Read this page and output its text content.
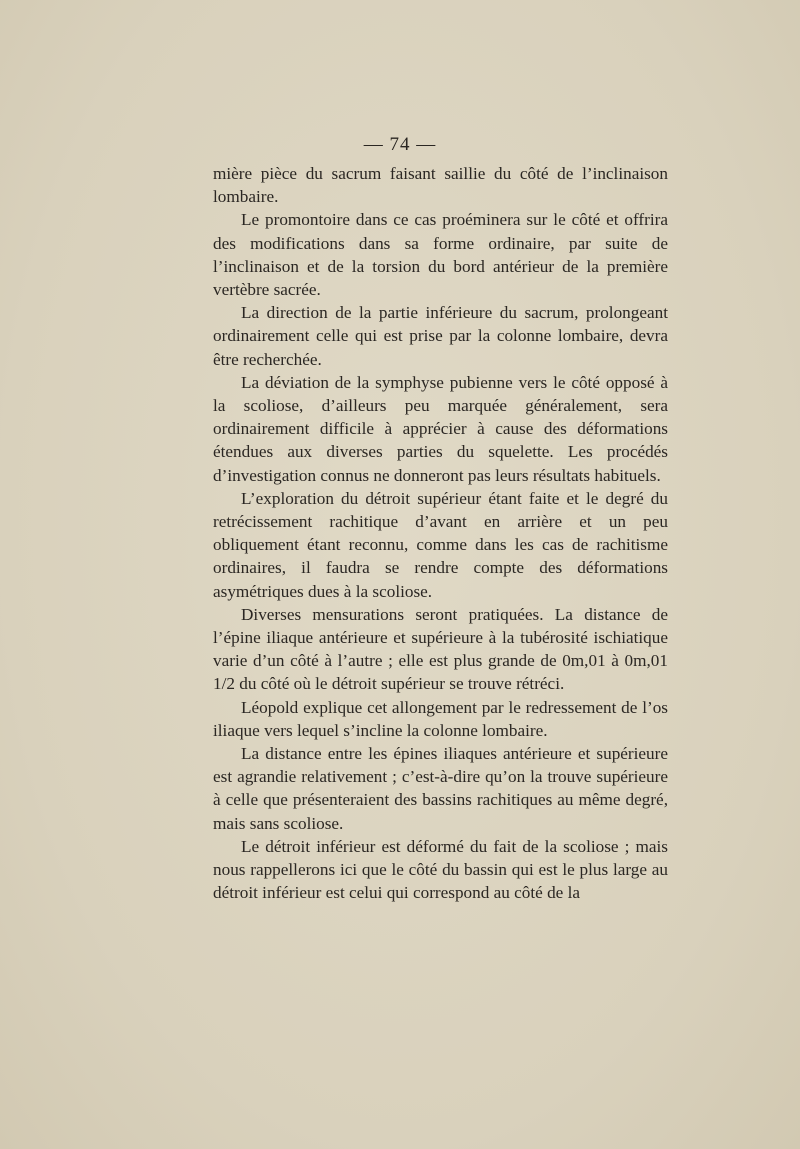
— 74 —

mière pièce du sacrum faisant saillie du côté de l’inclinaison lombaire.

Le promontoire dans ce cas proéminera sur le côté et offrira des modifications dans sa forme ordinaire, par suite de l’inclinaison et de la torsion du bord antérieur de la première vertèbre sacrée.

La direction de la partie inférieure du sacrum, prolongeant ordinairement celle qui est prise par la colonne lombaire, devra être recherchée.

La déviation de la symphyse pubienne vers le côté opposé à la scoliose, d’ailleurs peu marquée généralement, sera ordinairement difficile à apprécier à cause des déformations étendues aux diverses parties du squelette. Les procédés d’investigation connus ne donneront pas leurs résultats habituels.

L’exploration du détroit supérieur étant faite et le degré du retrécissement rachitique d’avant en arrière et un peu obliquement étant reconnu, comme dans les cas de rachitisme ordinaires, il faudra se rendre compte des déformations asymétriques dues à la scoliose.

Diverses mensurations seront pratiquées. La distance de l’épine iliaque antérieure et supérieure à la tubérosité ischiatique varie d’un côté à l’autre ; elle est plus grande de 0m,01 à 0m,01 1/2 du côté où le détroit supérieur se trouve rétréci.

Léopold explique cet allongement par le redressement de l’os iliaque vers lequel s’incline la colonne lombaire.

La distance entre les épines iliaques antérieure et supérieure est agrandie relativement ; c’est-à-dire qu’on la trouve supérieure à celle que présenteraient des bassins rachitiques au même degré, mais sans scoliose.

Le détroit inférieur est déformé du fait de la scoliose ; mais nous rappellerons ici que le côté du bassin qui est le plus large au détroit inférieur est celui qui correspond au côté de la
